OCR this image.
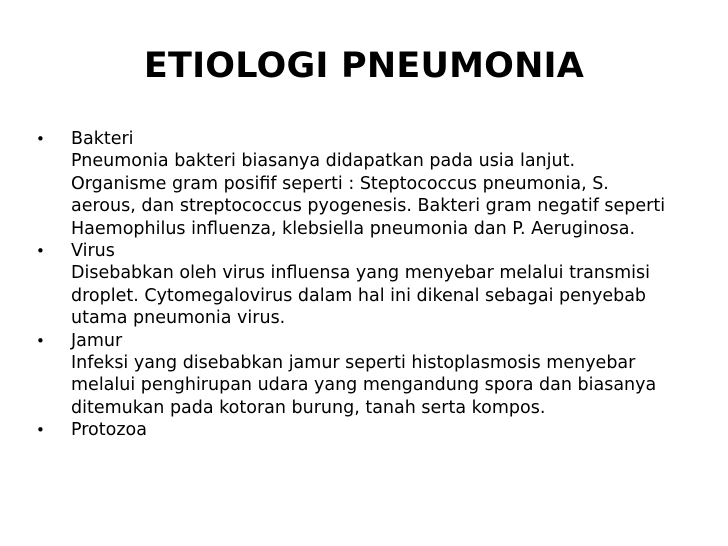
ETIOLOGI PNEUMONIA
•	Bakteri
Pneumonia bakteri biasanya didapatkan pada usia lanjut.
Organisme gram posifif seperti : Steptococcus pneumonia, S.
aerous, dan streptococcus pyogenesis. Bakteri gram negatif seperti
Haemophilus influenza, klebsiella pneumonia dan P. Aeruginosa.
•	Virus
Disebabkan oleh virus influensa yang menyebar melalui transmisi
droplet. Cytomegalovirus dalam hal ini dikenal sebagai penyebab
utama pneumonia virus.
•	Jamur
Infeksi yang disebabkan jamur seperti histoplasmosis menyebar
melalui penghirupan udara yang mengandung spora dan biasanya
ditemukan pada kotoran burung, tanah serta kompos.
•	Protozoa
